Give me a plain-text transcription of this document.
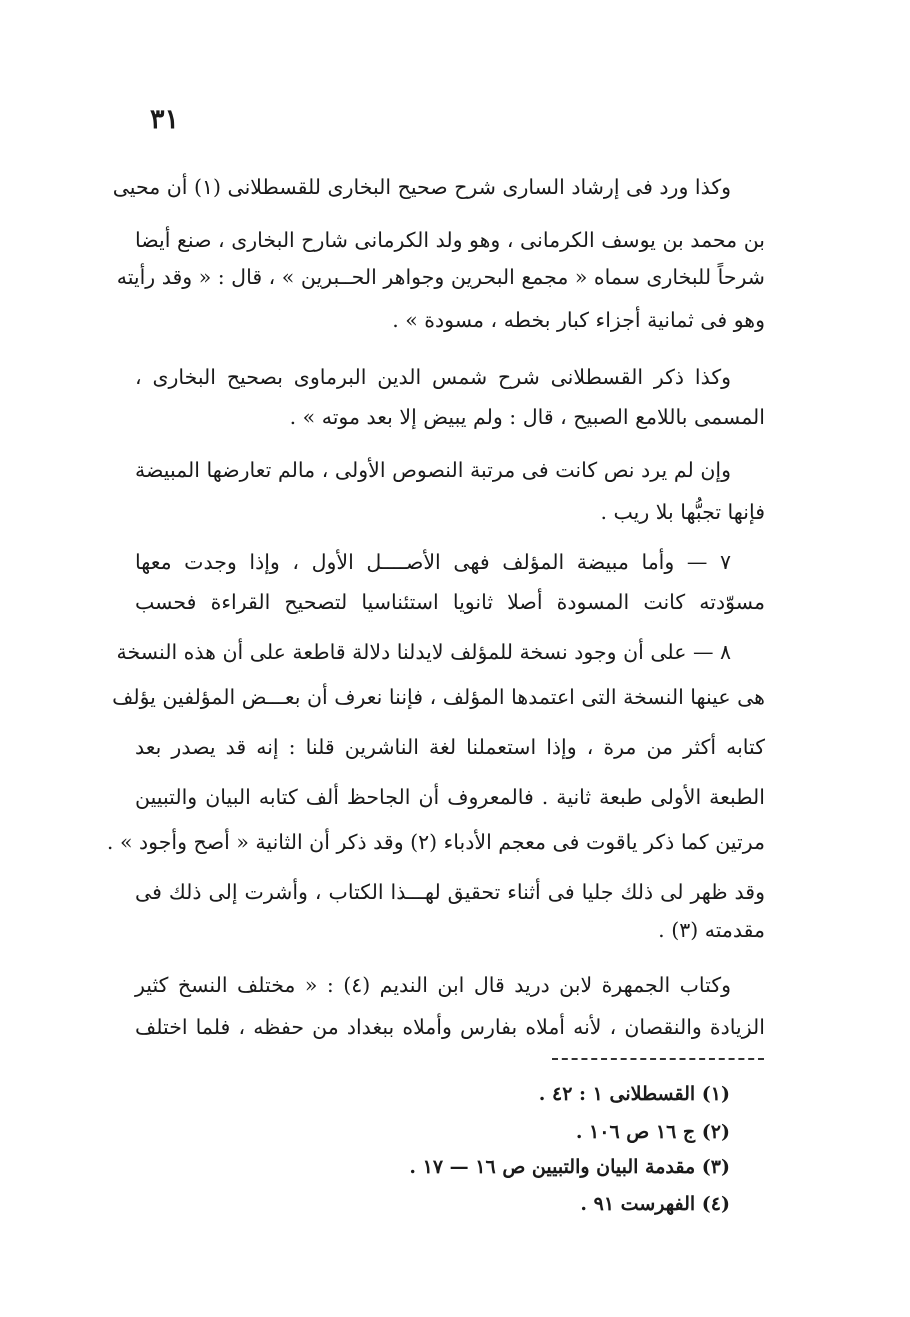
٣١
وكذا ورد فى إرشاد السارى شرح صحيح البخارى للقسطلانى (١) أن محيى
بن محمد بن يوسف الكرمانى ، وهو ولد الكرمانى شارح البخارى ، صنع أيضا
شرحاً للبخارى سماه « مجمع البحرين وجواهر الحــبرين » ، قال : « وقد رأيته
وهو فى ثمانية أجزاء كبار بخطه ، مسودة » .
وكذا ذكر القسطلانى شرح شمس الدين البرماوى بصحيح البخارى ،
المسمى باللامع الصبيح ، قال : ولم يبيض إلا بعد موته » .
وإن لم يرد نص كانت فى مرتبة النصوص الأولى ، مالم تعارضها المبيضة
فإنها تجبُّها بلا ريب .
٧ — وأما مبيضة المؤلف فهى الأصــــل الأول ، وإذا وجدت معها
مسوّدته كانت المسودة أصلا ثانويا استئناسيا لتصحيح القراءة فحسب
٨ — على أن وجود نسخة للمؤلف لايدلنا دلالة قاطعة على أن هذه النسخة
هى عينها النسخة التى اعتمدها المؤلف ، فإننا نعرف أن بعـــض المؤلفين يؤلف
كتابه أكثر من مرة ، وإذا استعملنا لغة الناشرين قلنا : إنه قد يصدر بعد
الطبعة الأولى طبعة ثانية . فالمعروف أن الجاحظ ألف كتابه البيان والتبيين
مرتين كما ذكر ياقوت فى معجم الأدباء (٢) وقد ذكر أن الثانية « أصح وأجود » .
وقد ظهر لى ذلك جليا فى أثناء تحقيق لهـــذا الكتاب ، وأشرت إلى ذلك فى
مقدمته (٣) .
وكتاب الجمهرة لابن دريد قال ابن النديم (٤) : « مختلف النسخ كثير
الزيادة والنقصان ، لأنه أملاه بفارس وأملاه ببغداد من حفظه ، فلما اختلف
(١) القسطلانى ١ : ٤٢ .
(٢) ج ١٦ ص ١٠٦ .
(٣) مقدمة البيان والتبيين ص ١٦ — ١٧ .
(٤) الفهرست ٩١ .
